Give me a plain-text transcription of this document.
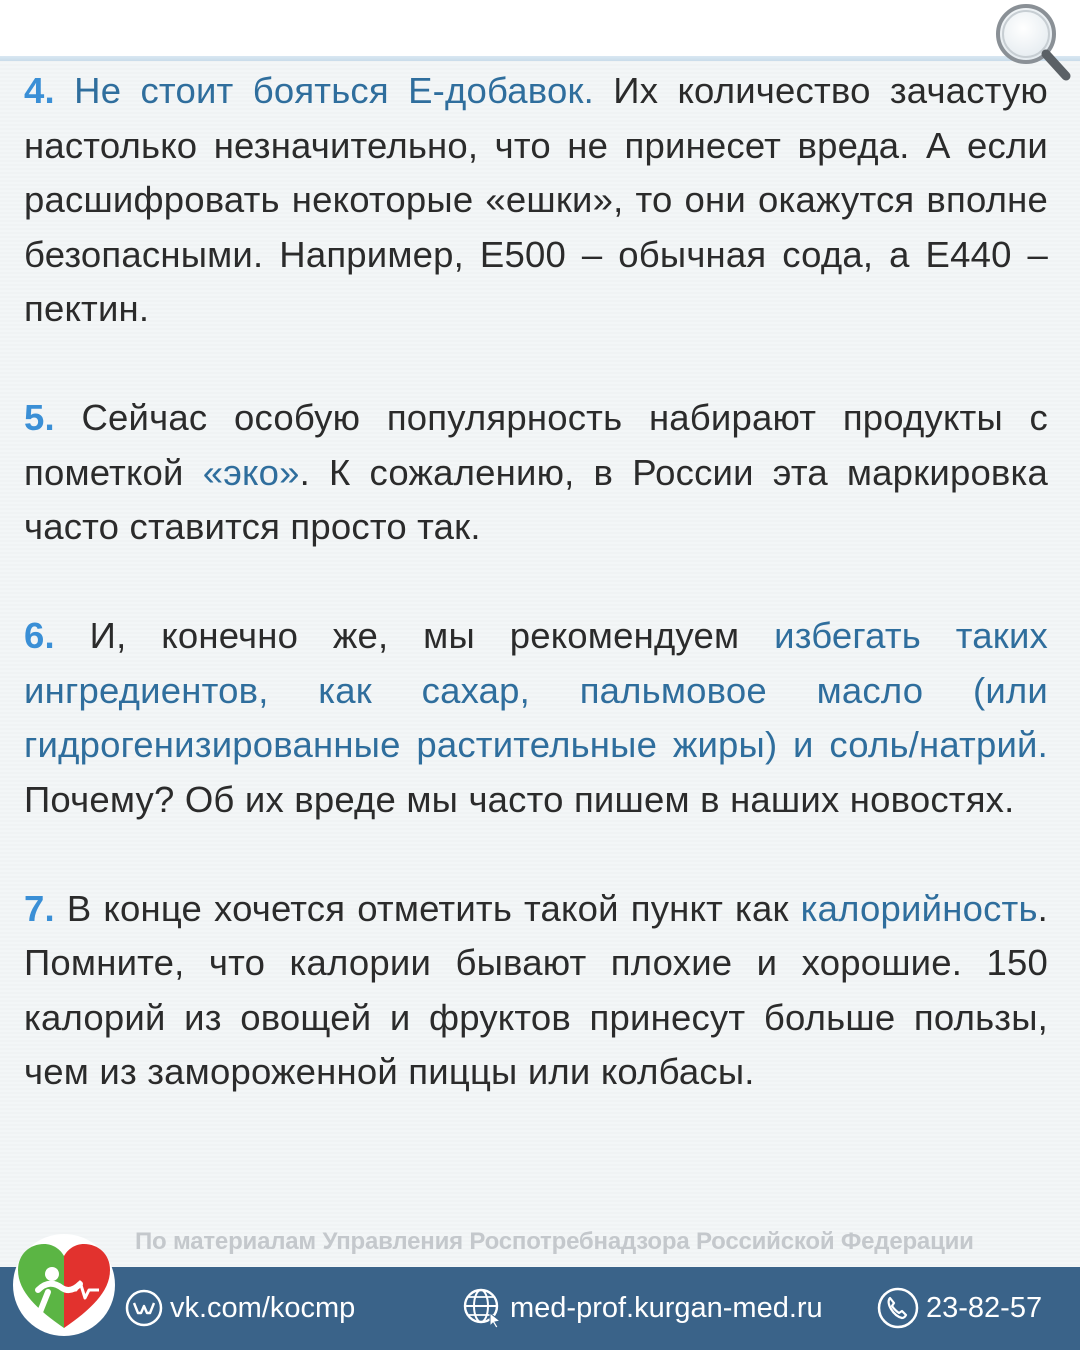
4. Не стоит бояться Е-добавок. Их количество зачастую настолько незначительно, что не принесет вреда. А если расшифровать некоторые «ешки», то они окажутся вполне безопасными. Например, Е500 – обычная сода, а Е440 – пектин.

5. Сейчас особую популярность набирают продукты с пометкой «эко». К сожалению, в России эта маркировка часто ставится просто так.

6. И, конечно же, мы рекомендуем избегать таких ингредиентов, как сахар, пальмовое масло (или гидрогенизированные растительные жиры) и соль/натрий. Почему? Об их вреде мы часто пишем в наших новостях.

7. В конце хочется отметить такой пункт как калорийность. Помните, что калории бывают плохие и хорошие. 150 калорий из овощей и фруктов принесут больше пользы, чем из замороженной пиццы или колбасы.

По материалам Управления Роспотребнадзора Российской Федерации
vk.com/kocmp	med-prof.kurgan-med.ru	23-82-57
